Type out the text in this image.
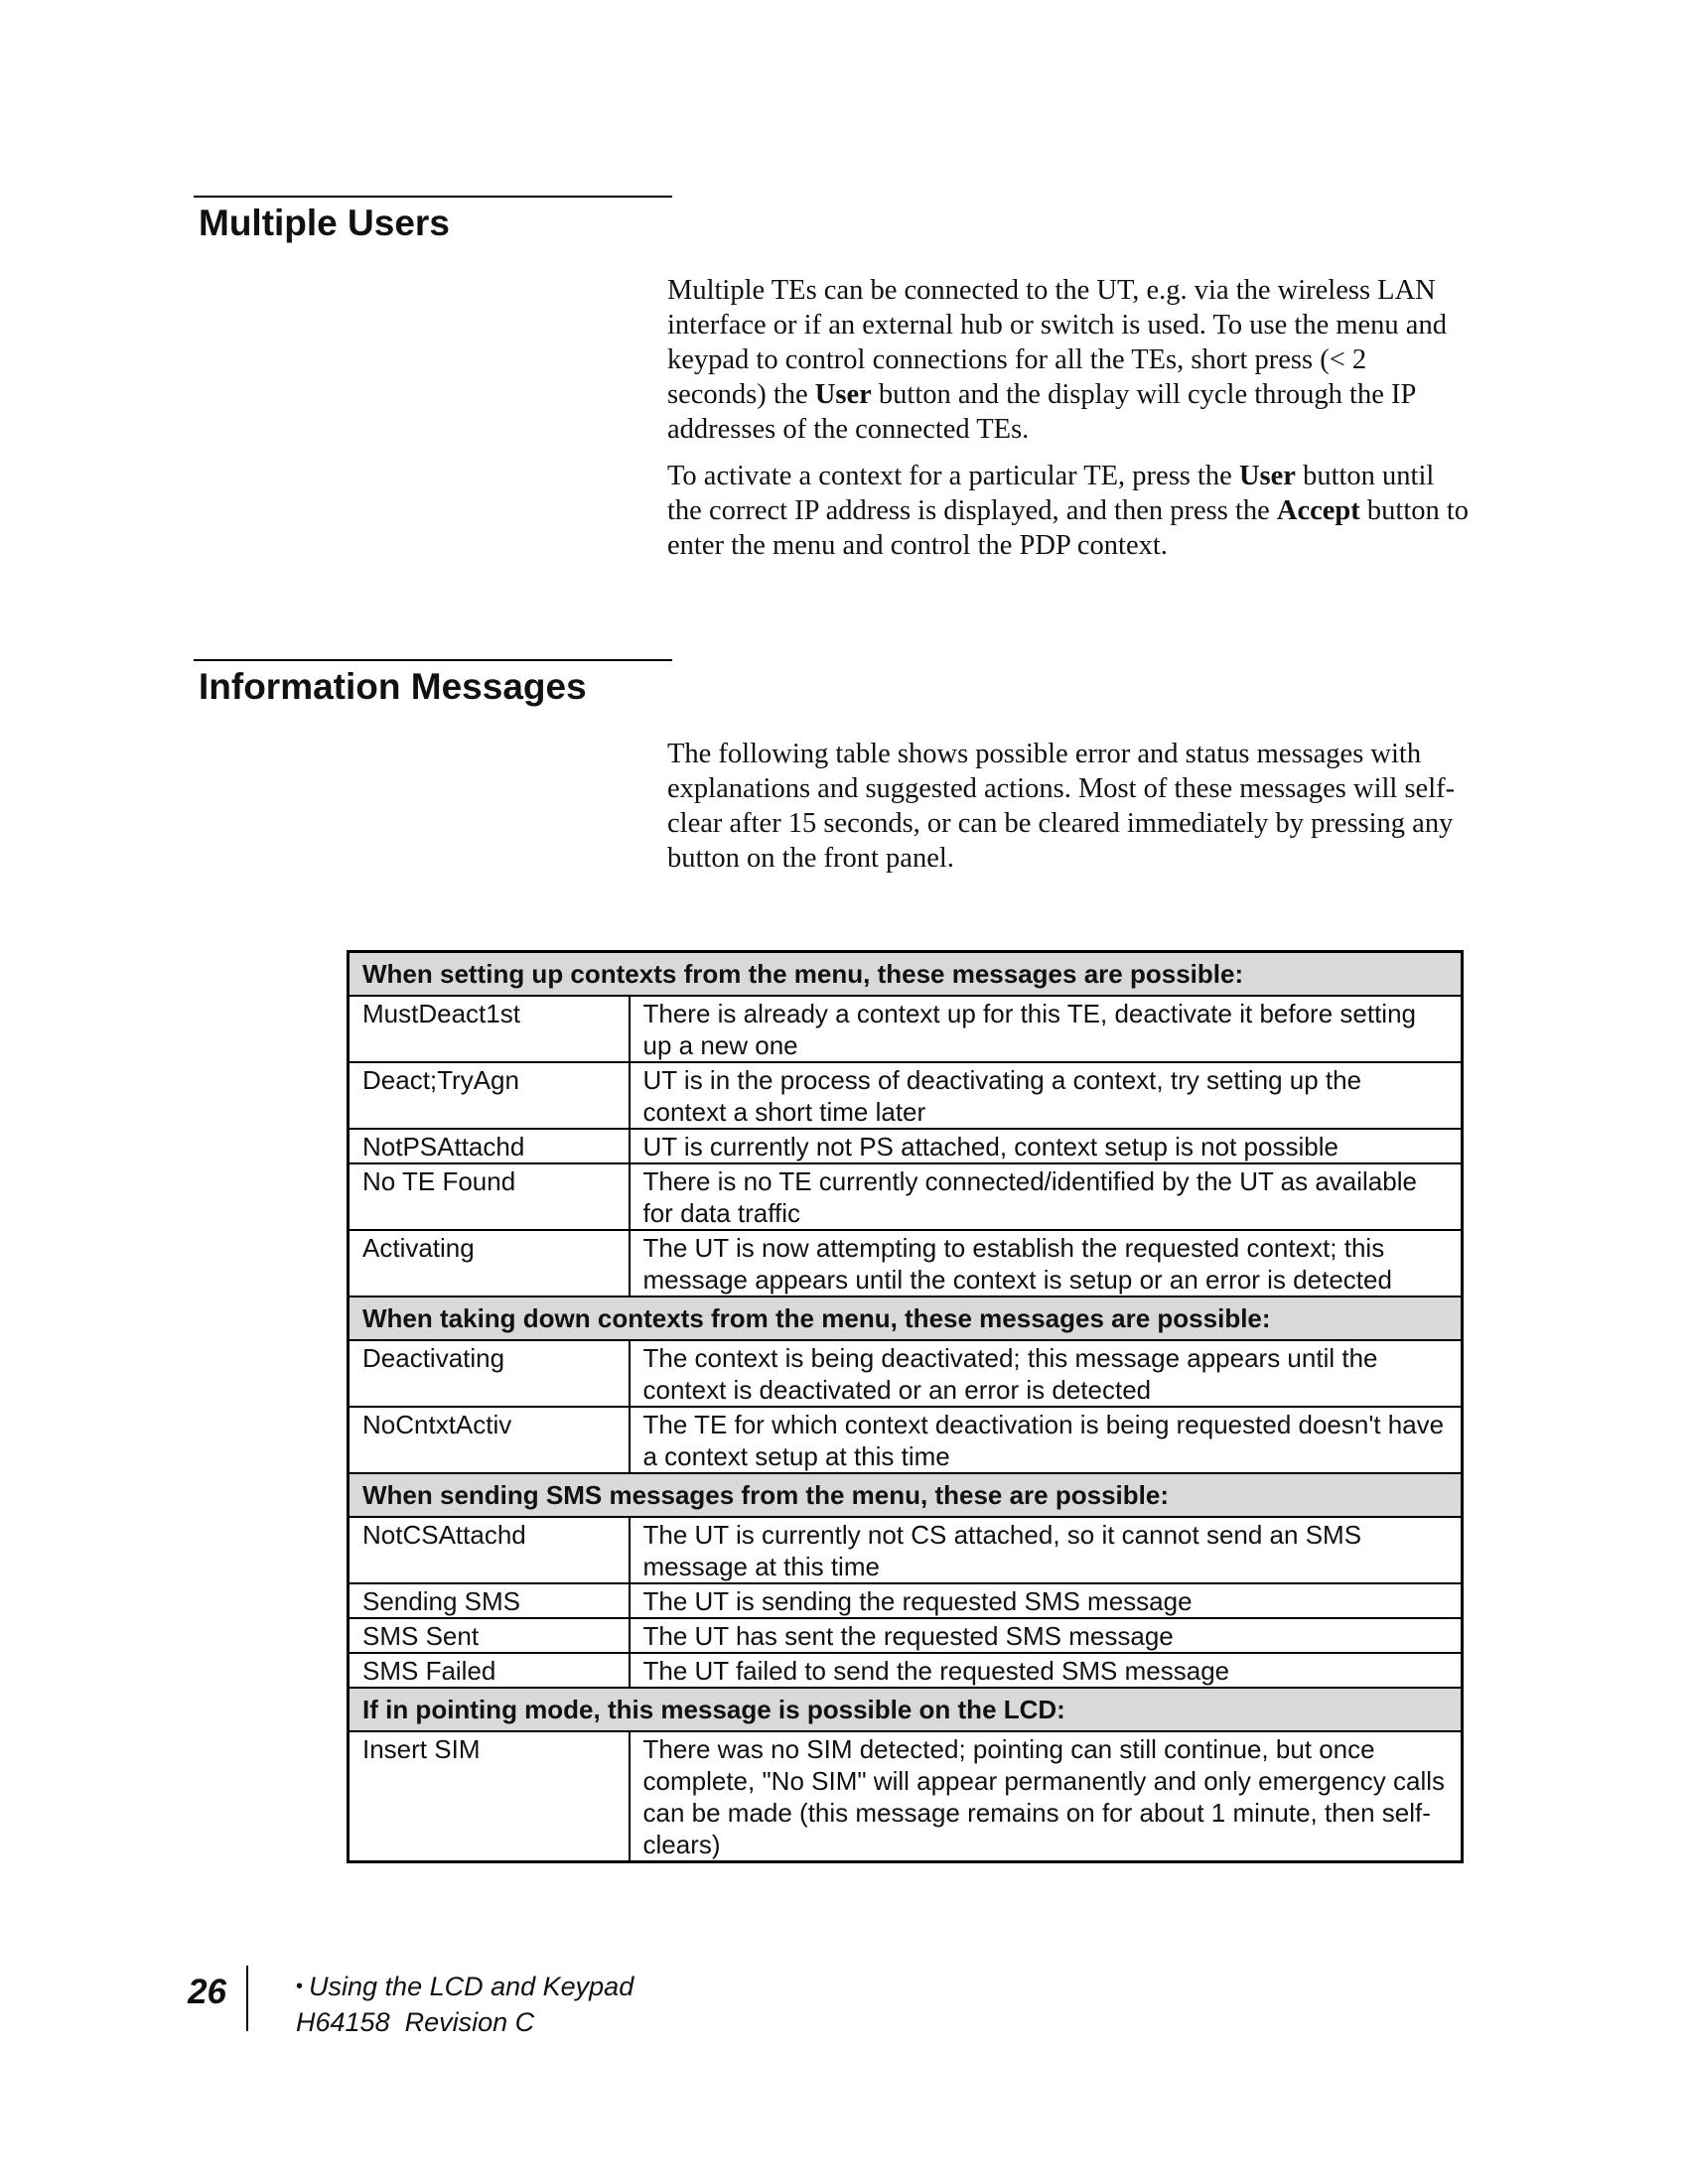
Multiple Users

Multiple TEs can be connected to the UT, e.g. via the wireless LAN interface or if an external hub or switch is used. To use the menu and keypad to control connections for all the TEs, short press (< 2 seconds) the User button and the display will cycle through the IP addresses of the connected TEs.

To activate a context for a particular TE, press the User button until the correct IP address is displayed, and then press the Accept button to enter the menu and control the PDP context.

Information Messages

The following table shows possible error and status messages with explanations and suggested actions. Most of these messages will self-clear after 15 seconds, or can be cleared immediately by pressing any button on the front panel.

When setting up contexts from the menu, these messages are possible:	
MustDeact1st	There is already a context up for this TE, deactivate it before setting up a new one
Deact;TryAgn	UT is in the process of deactivating a context, try setting up the context a short time later
NotPSAttachd	UT is currently not PS attached, context setup is not possible
No TE Found	There is no TE currently connected/identified by the UT as available for data traffic
Activating	The UT is now attempting to establish the requested context; this message appears until the context is setup or an error is detected
When taking down contexts from the menu, these messages are possible:	
Deactivating	The context is being deactivated; this message appears until the context is deactivated or an error is detected
NoCntxtActiv	The TE for which context deactivation is being requested doesn't have a context setup at this time
When sending SMS messages from the menu, these are possible:	
NotCSAttachd	The UT is currently not CS attached, so it cannot send an SMS message at this time
Sending SMS	The UT is sending the requested SMS message
SMS Sent	The UT has sent the requested SMS message
SMS Failed	The UT failed to send the requested SMS message
If in pointing mode, this message is possible on the LCD:	
Insert SIM	There was no SIM detected; pointing can still continue, but once complete, "No SIM" will appear permanently and only emergency calls can be made (this message remains on for about 1 minute, then self-clears)
26	• Using the LCD and Keypad
H64158  Revision C
